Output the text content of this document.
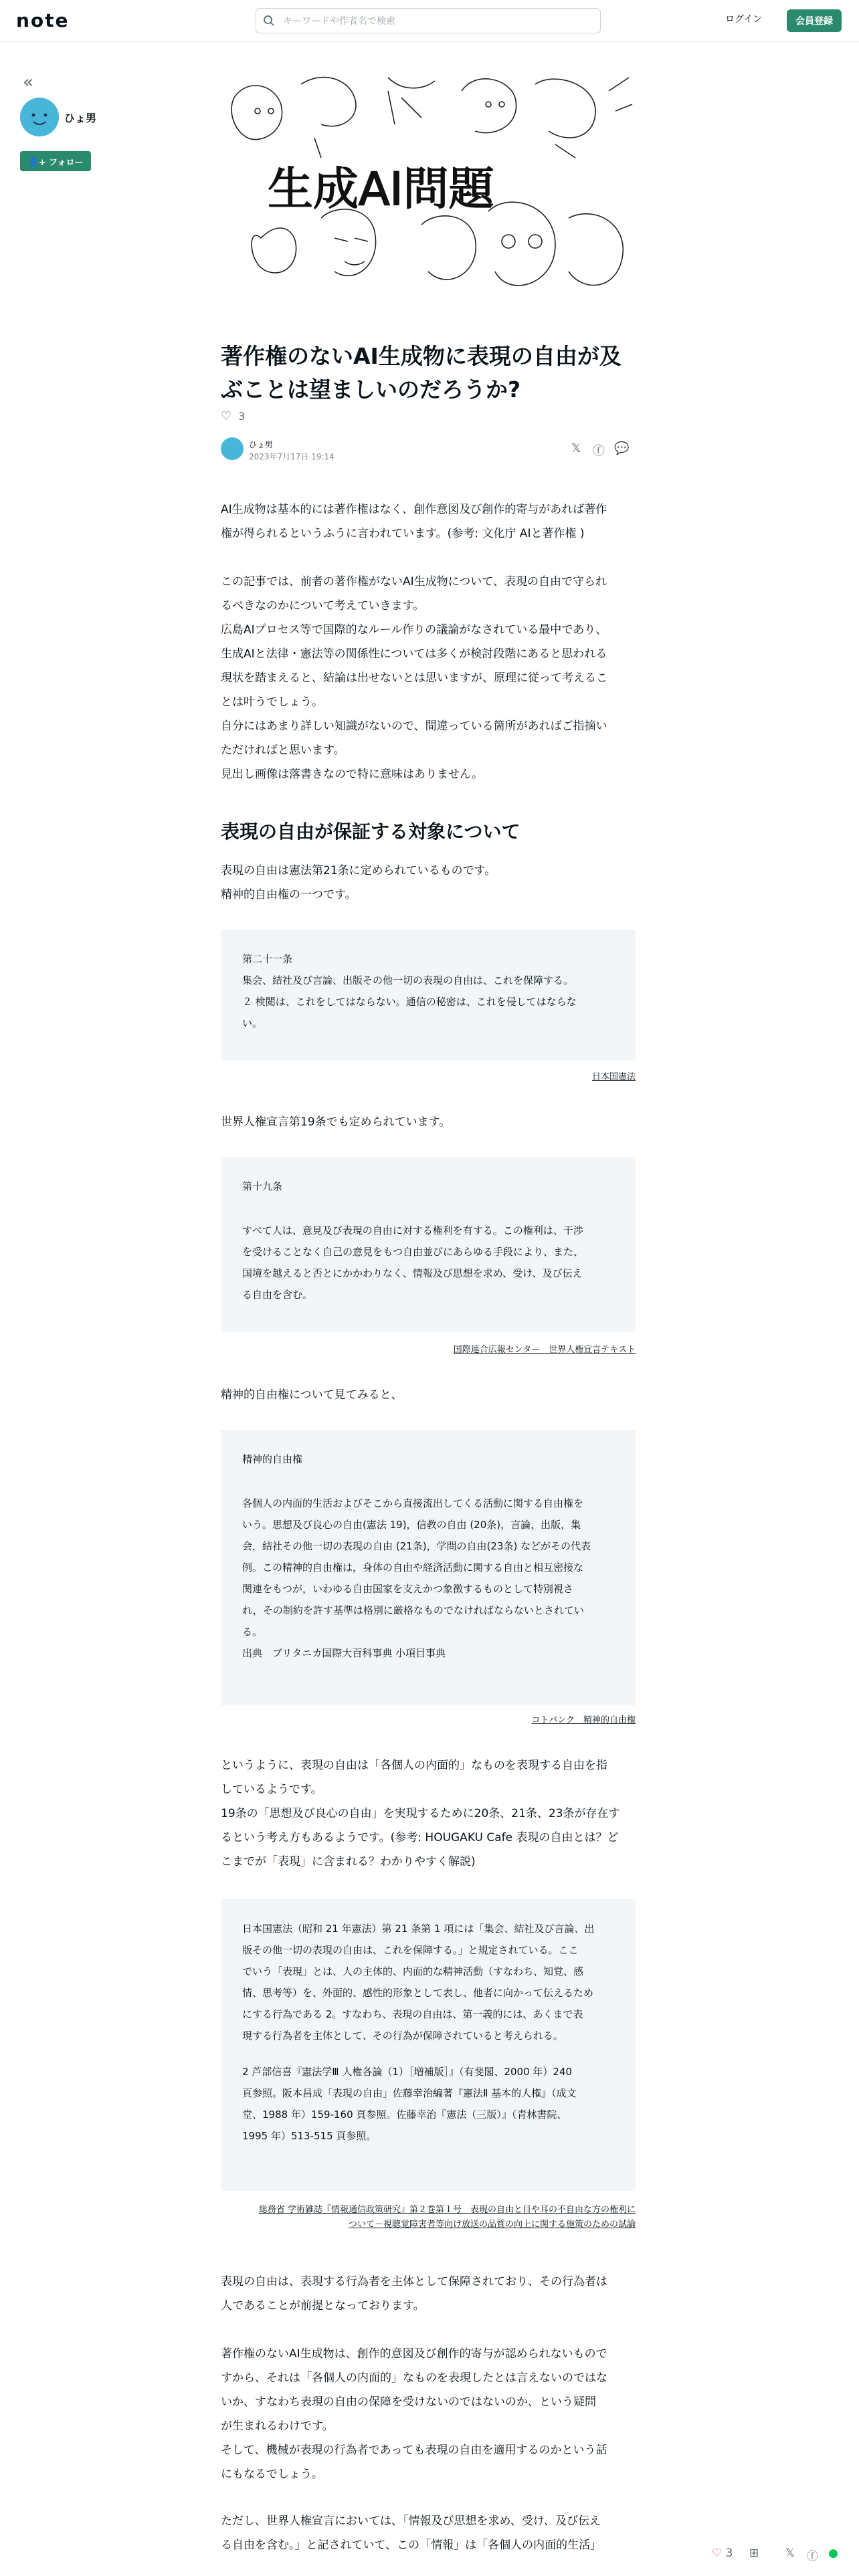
note
キーワードや作者名で検索	ログイン	会員登録
«
ひょ男
👤+ フォロー
生成AI問題
著作権のないAI生成物に表現の自由が及
ぶことは望ましいのだろうか?
♡ 3
ひょ男
2023年7月17日 19:14
𝕏 ⓕ 💬

AI生成物は基本的には著作権はなく、創作意図及び創作的寄与があれば著作
権が得られるというふうに言われています。(参考: 文化庁 AIと著作権 )

この記事では、前者の著作権がないAI生成物について、表現の自由で守られ
るべきなのかについて考えていきます。
広島AIプロセス等で国際的なルール作りの議論がなされている最中であり、
生成AIと法律・憲法等の関係性については多くが検討段階にあると思われる
現状を踏まえると、結論は出せないとは思いますが、原理に従って考えるこ
とは叶うでしょう。
自分にはあまり詳しい知識がないので、間違っている箇所があればご指摘い
ただければと思います。
見出し画像は落書きなので特に意味はありません。

表現の自由が保証する対象について

表現の自由は憲法第21条に定められているものです。
精神的自由権の一つです。

第二十一条
集会、結社及び言論、出版その他一切の表現の自由は、これを保障する。
２ 検閲は、これをしてはならない。通信の秘密は、これを侵してはならな
い。
日本国憲法

世界人権宣言第19条でも定められています。

第十九条
すべて人は、意見及び表現の自由に対する権利を有する。この権利は、干渉
を受けることなく自己の意見をもつ自由並びにあらゆる手段により、また、
国境を越えると否とにかかわりなく、情報及び思想を求め、受け、及び伝え
る自由を含む。
国際連合広報センター　世界人権宣言テキスト

精神的自由権について見てみると、

精神的自由権
各個人の内面的生活およびそこから直接流出してくる活動に関する自由権を
いう。思想及び良心の自由(憲法 19)，信教の自由 (20条)，言論，出版，集
会，結社その他一切の表現の自由 (21条)，学問の自由(23条) などがその代表
例。この精神的自由権は，身体の自由や経済活動に関する自由と相互密接な
関連をもつが，いわゆる自由国家を支えかつ象徴するものとして特別視さ
れ，その制約を許す基準は格別に厳格なものでなければならないとされてい
る。
出典　ブリタニカ国際大百科事典 小項目事典
コトバンク　精神的自由権

というように、表現の自由は「各個人の内面的」なものを表現する自由を指
しているようです。
19条の「思想及び良心の自由」を実現するために20条、21条、23条が存在す
るという考え方もあるようです。(参考: HOUGAKU Cafe 表現の自由とは？ど
こまでが「表現」に含まれる？わかりやすく解説)

日本国憲法（昭和 21 年憲法）第 21 条第 1 項には「集会、結社及び言論、出
版その他一切の表現の自由は、これを保障する。」と規定されている。ここ
でいう「表現」とは、人の主体的、内面的な精神活動（すなわち、知覚、感
情、思考等）を、外面的、感性的形象として表し、他者に向かって伝えるため
にする行為である 2。すなわち、表現の自由は、第一義的には、あくまで表
現する行為者を主体として、その行為が保障されていると考えられる。
2 芦部信喜『憲法学Ⅲ 人権各論（1）［増補版］』（有斐閣、2000 年）240
頁参照。阪本昌成「表現の自由」佐藤幸治編著『憲法Ⅱ 基本的人権』（成文
堂、1988 年）159-160 頁参照。佐藤幸治『憲法（三版）』（青林書院、
1995 年）513-515 頁参照。
総務省 学術雑誌『情報通信政策研究』第２巻第１号　表現の自由と目や耳の不自由な方の権利に
ついて－視聴覚障害者等向け放送の品質の向上に関する施策のための試論

表現の自由は、表現する行為者を主体として保障されており、その行為者は
人であることが前提となっております。

著作権のないAI生成物は、創作的意図及び創作的寄与が認められないもので
すから、それは「各個人の内面的」なものを表現したとは言えないのではな
いか、すなわち表現の自由の保障を受けないのではないのか、という疑問
が生まれるわけです。
そして、機械が表現の行為者であっても表現の自由を適用するのかという話
にもなるでしょう。

ただし、世界人権宣言においては、「情報及び思想を求め、受け、及び伝え
る自由を含む。」と記されていて、この「情報」は「各個人の内面的生活」

♡ 3 ⊞ 𝕏 ⓕ ●
